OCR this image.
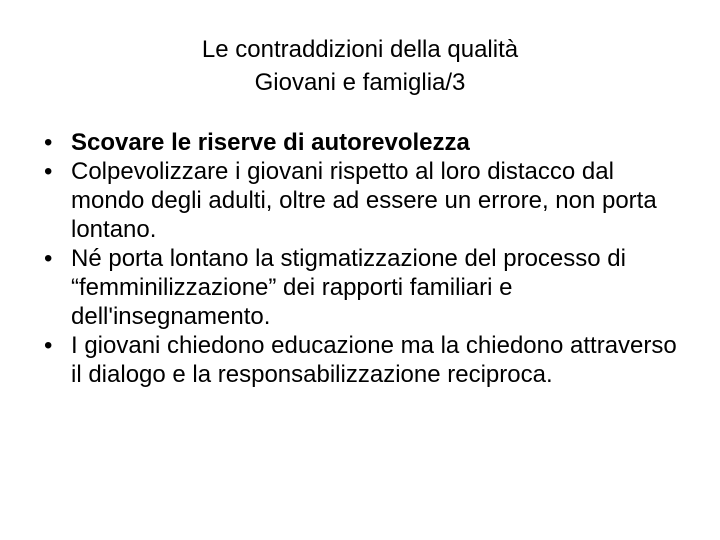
Le contraddizioni della qualità
Giovani e famiglia/3
• Scovare le riserve di autorevolezza
• Colpevolizzare i giovani rispetto al loro distacco dal mondo degli adulti, oltre ad essere un errore, non porta lontano.
• Né porta lontano la stigmatizzazione del processo di “femminilizzazione” dei rapporti familiari e dell'insegnamento.
• I giovani chiedono educazione ma la chiedono attraverso il dialogo e la responsabilizzazione reciproca.
